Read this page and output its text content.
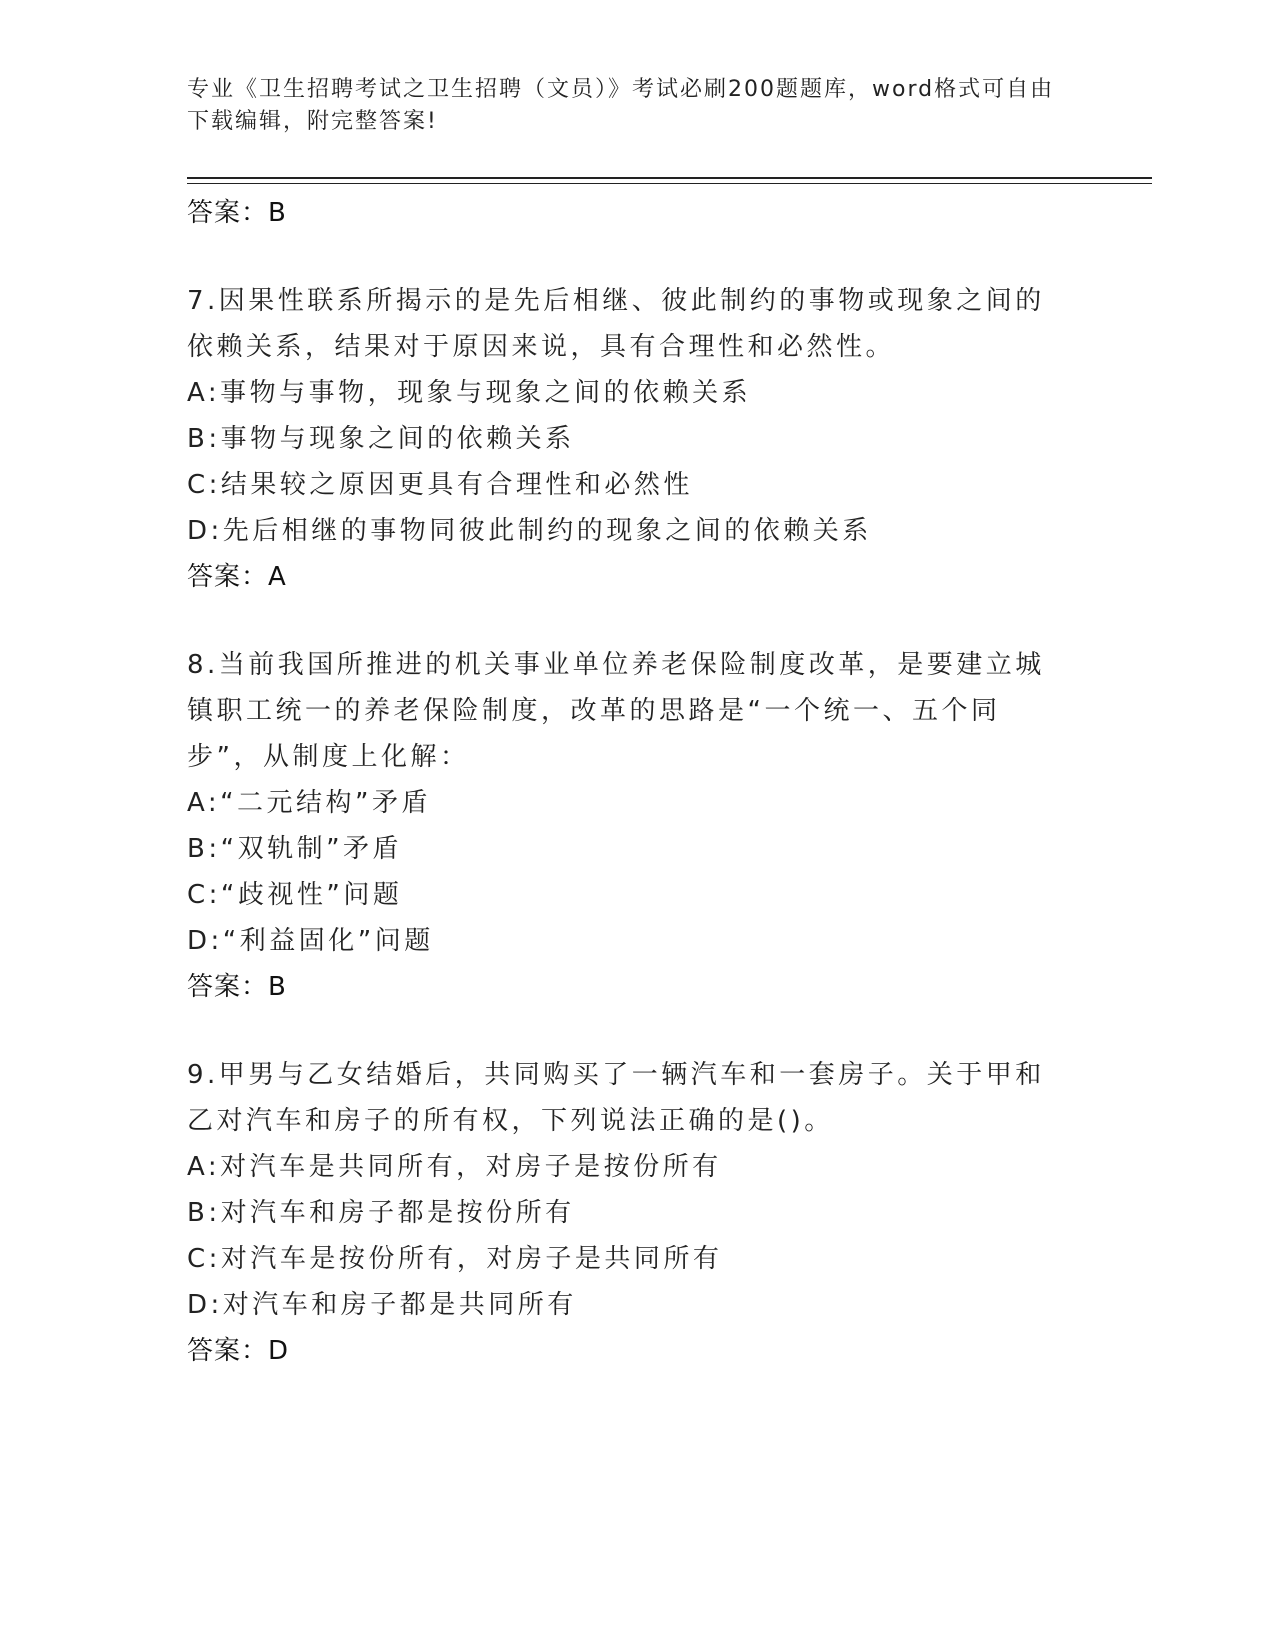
专业《卫生招聘考试之卫生招聘（文员）》考试必刷200题题库，word格式可自由下载编辑，附完整答案!
答案：B
7.因果性联系所揭示的是先后相继、彼此制约的事物或现象之间的依赖关系，结果对于原因来说，具有合理性和必然性。
A:事物与事物，现象与现象之间的依赖关系
B:事物与现象之间的依赖关系
C:结果较之原因更具有合理性和必然性
D:先后相继的事物同彼此制约的现象之间的依赖关系
答案：A
8.当前我国所推进的机关事业单位养老保险制度改革，是要建立城镇职工统一的养老保险制度，改革的思路是“一个统一、五个同步”，从制度上化解：
A:“二元结构”矛盾
B:“双轨制”矛盾
C:“歧视性”问题
D:“利益固化”问题
答案：B
9.甲男与乙女结婚后，共同购买了一辆汽车和一套房子。关于甲和乙对汽车和房子的所有权，下列说法正确的是()。
A:对汽车是共同所有，对房子是按份所有
B:对汽车和房子都是按份所有
C:对汽车是按份所有，对房子是共同所有
D:对汽车和房子都是共同所有
答案：D
